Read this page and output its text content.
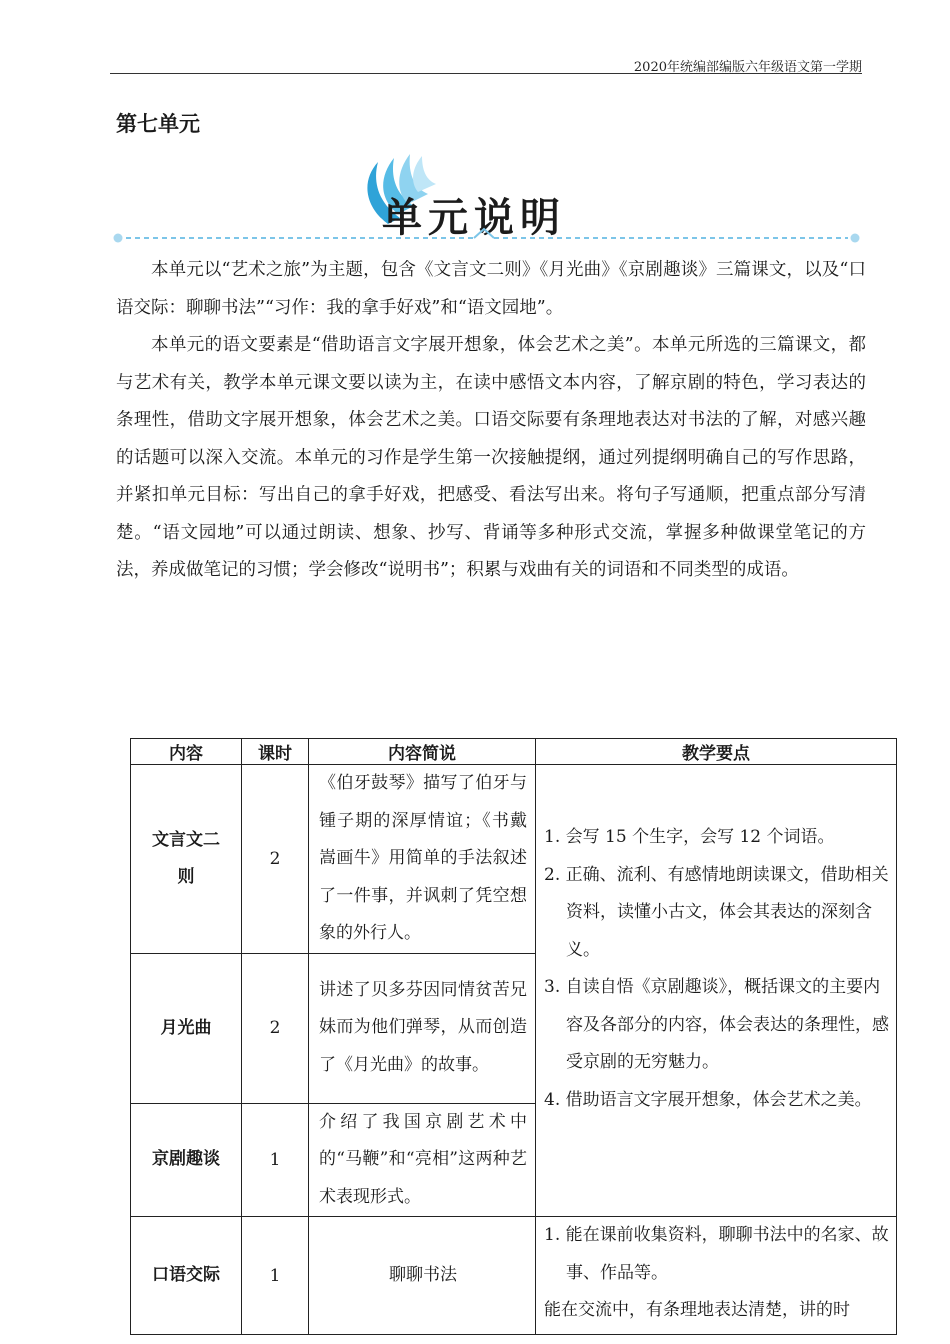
2020年统编部编版六年级语文第一学期
第七单元
单元说明

本单元以“艺术之旅”为主题，包含《文言文二则》《月光曲》《京剧趣谈》三篇课文，以及“口语交际：聊聊书法”“习作：我的拿手好戏”和“语文园地”。

本单元的语文要素是“借助语言文字展开想象，体会艺术之美”。本单元所选的三篇课文，都与艺术有关，教学本单元课文要以读为主，在读中感悟文本内容，了解京剧的特色，学习表达的条理性，借助文字展开想象，体会艺术之美。口语交际要有条理地表达对书法的了解，对感兴趣的话题可以深入交流。本单元的习作是学生第一次接触提纲，通过列提纲明确自己的写作思路，并紧扣单元目标：写出自己的拿手好戏，把感受、看法写出来。将句子写通顺，把重点部分写清楚。“语文园地”可以通过朗读、想象、抄写、背诵等多种形式交流，掌握多种做课堂笔记的方法，养成做笔记的习惯；学会修改“说明书”；积累与戏曲有关的词语和不同类型的成语。

内容	课时	内容简说	教学要点
文言文二则	2	《伯牙鼓琴》描写了伯牙与锺子期的深厚情谊；《书戴嵩画牛》用简单的手法叙述了一件事，并讽刺了凭空想象的外行人。	1. 会写 15 个生字，会写 12 个词语。
2. 正确、流利、有感情地朗读课文，借助相关资料，读懂小古文，体会其表达的深刻含义。
3. 自读自悟《京剧趣谈》，概括课文的主要内容及各部分的内容，体会表达的条理性，感受京剧的无穷魅力。
4. 借助语言文字展开想象，体会艺术之美。

月光曲	2	讲述了贝多芬因同情贫苦兄妹而为他们弹琴，从而创造了《月光曲》的故事。	
京剧趣谈	1	介绍了我国京剧艺术中的“马鞭”和“亮相”这两种艺术表现形式。	
口语交际	1	聊聊书法	1. 能在课前收集资料，聊聊书法中的名家、故事、作品等。
能在交流中，有条理地表达清楚，讲的时
